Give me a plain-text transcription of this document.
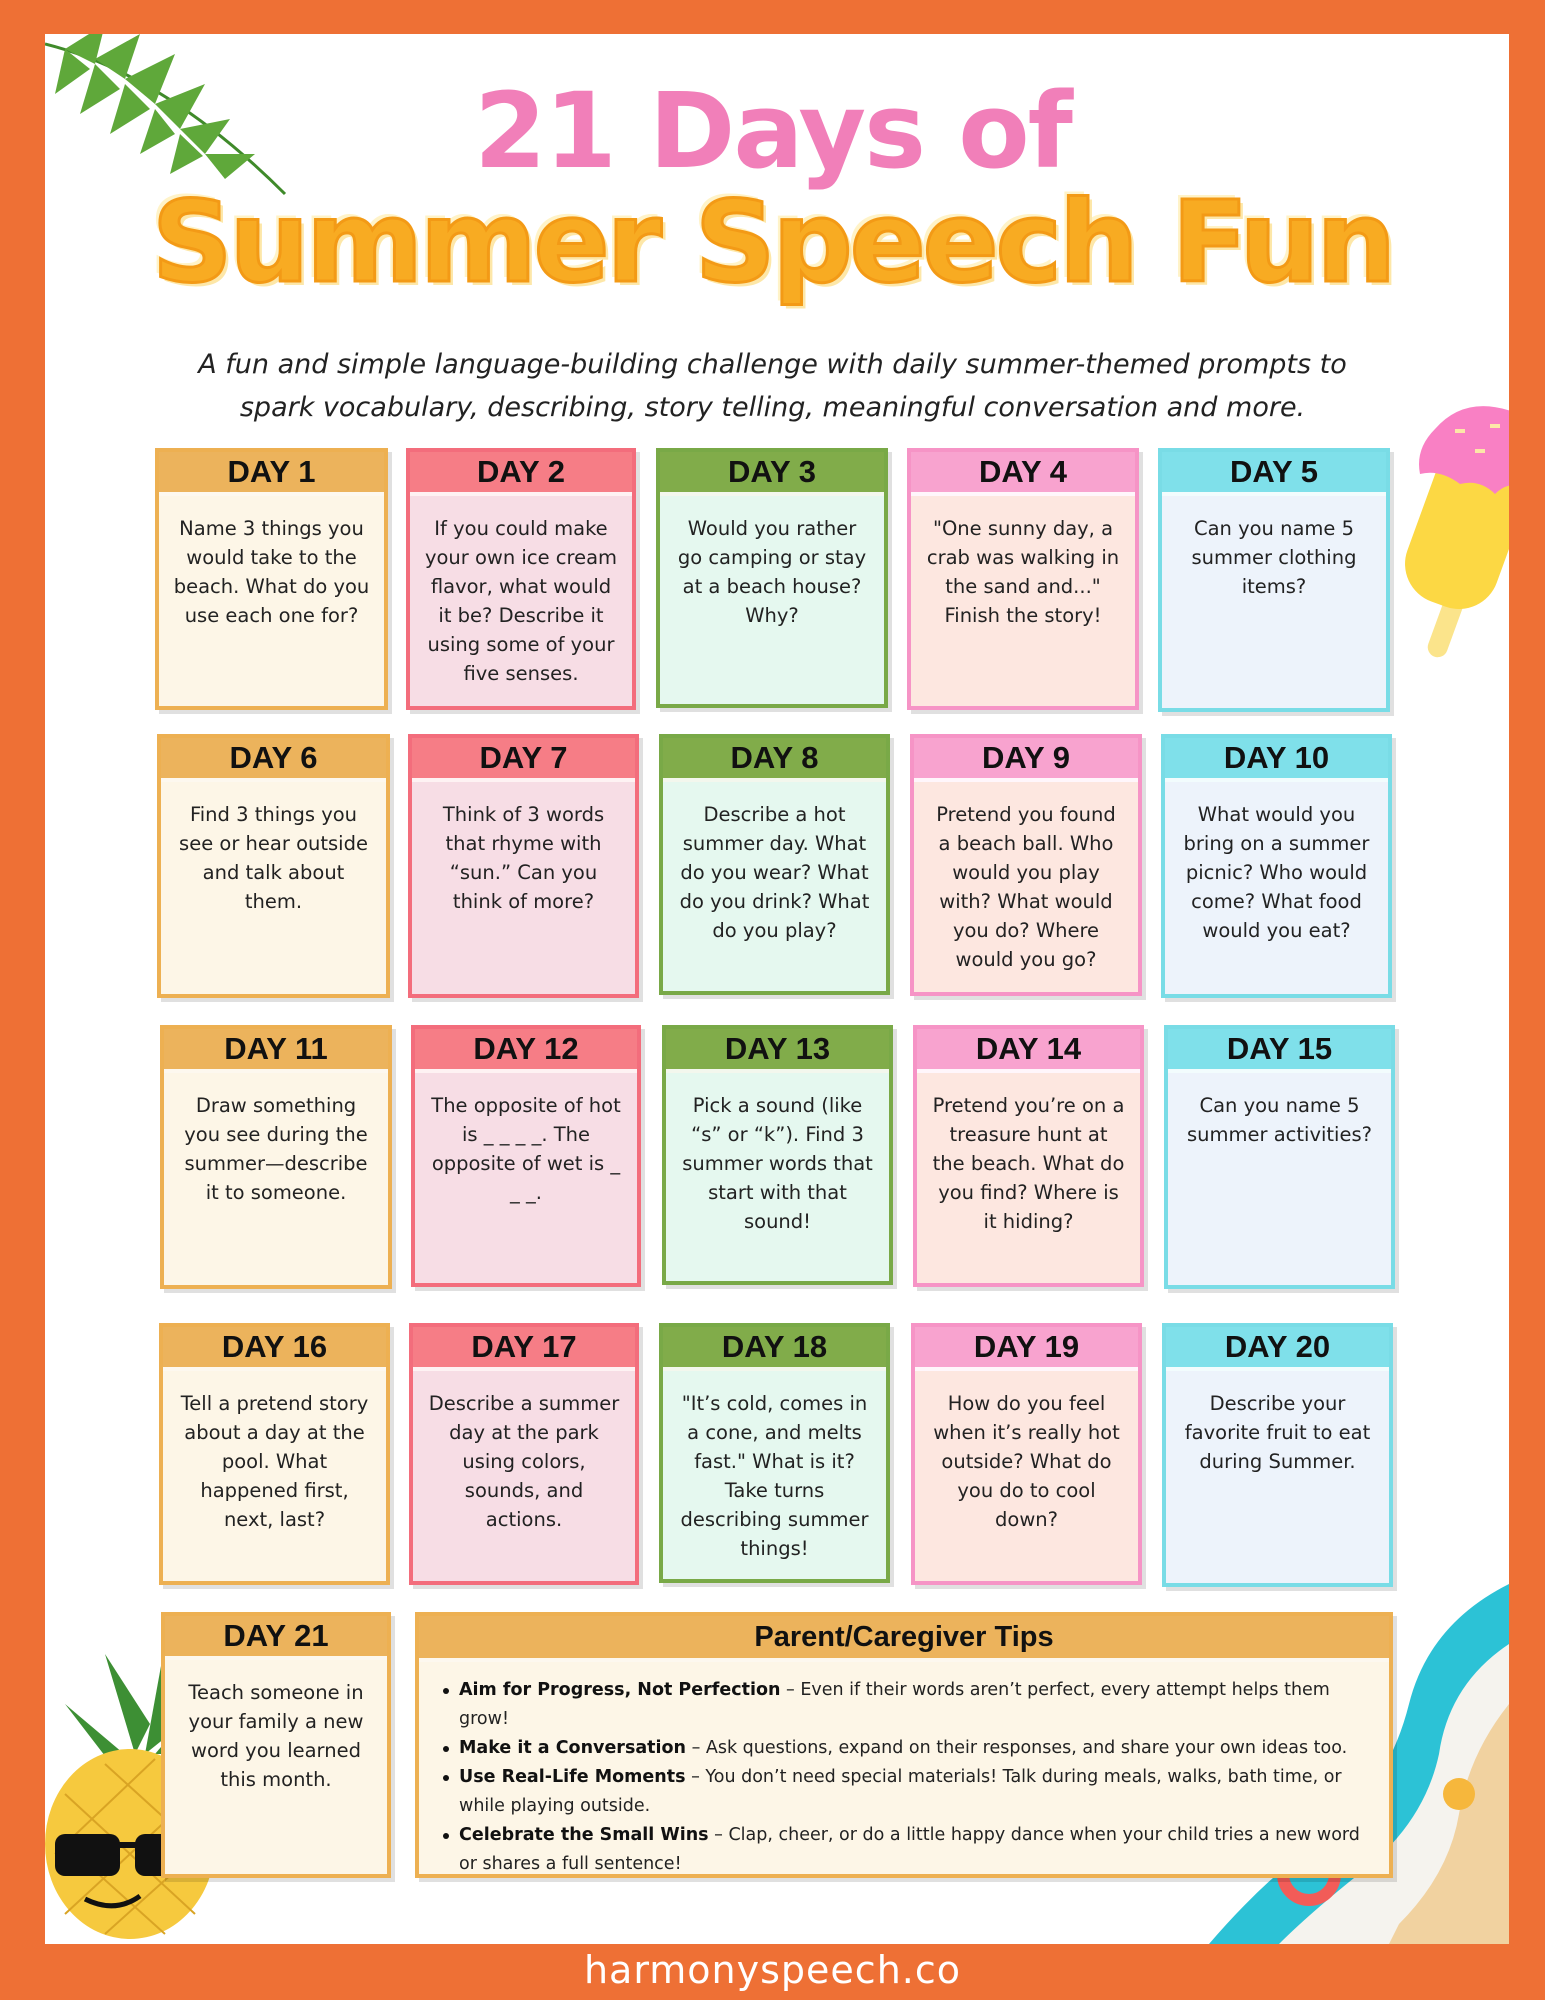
21 Days of
Summer Speech Fun
A fun and simple language-building challenge with daily summer-themed prompts to
spark vocabulary, describing, story telling, meaningful conversation and more.
DAY 1
Name 3 things you would take to the beach. What do you use each one for?
DAY 2
If you could make your own ice cream flavor, what would it be? Describe it using some of your five senses.
DAY 3
Would you rather go camping or stay at a beach house? Why?
DAY 4
"One sunny day, a crab was walking in the sand and..." Finish the story!
DAY 5
Can you name 5 summer clothing items?
DAY 6
Find 3 things you see or hear outside and talk about them.
DAY 7
Think of 3 words that rhyme with “sun.” Can you think of more?
DAY 8
Describe a hot summer day. What do you wear? What do you drink? What do you play?
DAY 9
Pretend you found a beach ball. Who would you play with? What would you do? Where would you go?
DAY 10
What would you bring on a summer picnic? Who would come? What food would you eat?
DAY 11
Draw something you see during the summer—describe it to someone.
DAY 12
The opposite of hot is _ _ _ _. The opposite of wet is _ _ _.
DAY 13
Pick a sound (like “s” or “k”). Find 3 summer words that start with that sound!
DAY 14
Pretend you’re on a treasure hunt at the beach. What do you find? Where is it hiding?
DAY 15
Can you name 5 summer activities?
DAY 16
Tell a pretend story about a day at the pool. What happened first, next, last?
DAY 17
Describe a summer day at the park using colors, sounds, and actions.
DAY 18
"It’s cold, comes in a cone, and melts fast." What is it? Take turns describing summer things!
DAY 19
How do you feel when it’s really hot outside? What do you do to cool down?
DAY 20
Describe your favorite fruit to eat during Summer.
DAY 21
Teach someone in your family a new word you learned this month.
Parent/Caregiver Tips
Aim for Progress, Not Perfection – Even if their words aren’t perfect, every attempt helps them grow!
Make it a Conversation – Ask questions, expand on their responses, and share your own ideas too.
Use Real-Life Moments – You don’t need special materials! Talk during meals, walks, bath time, or while playing outside.
Celebrate the Small Wins – Clap, cheer, or do a little happy dance when your child tries a new word or shares a full sentence!
harmonyspeech.co
